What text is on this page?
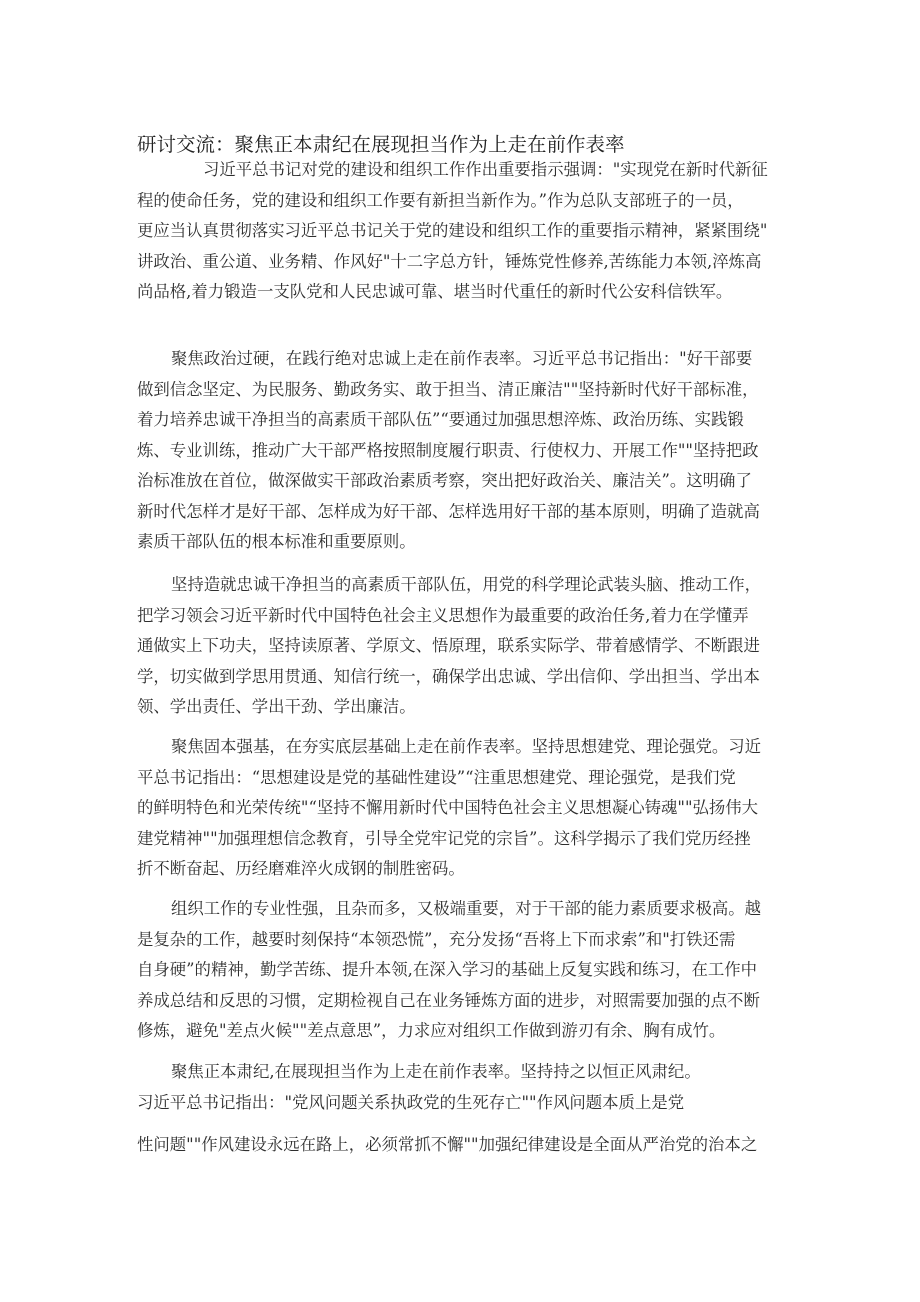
研讨交流：聚焦正本肃纪在展现担当作为上走在前作表率
习近平总书记对党的建设和组织工作作出重要指示强调："实现党在新时代新征
程的使命任务，党的建设和组织工作要有新担当新作为。”作为总队支部班子的一员，
更应当认真贯彻落实习近平总书记关于党的建设和组织工作的重要指示精神，紧紧围绕"
讲政治、重公道、业务精、作风好"十二字总方针，锤炼党性修养,苦练能力本领,淬炼高
尚品格,着力锻造一支队党和人民忠诚可靠、堪当时代重任的新时代公安科信铁军。
聚焦政治过硬，在践行绝对忠诚上走在前作表率。习近平总书记指出："好干部要
做到信念坚定、为民服务、勤政务实、敢于担当、清正廉洁""坚持新时代好干部标准，
着力培养忠诚干净担当的高素质干部队伍”“要通过加强思想淬炼、政治历练、实践锻
炼、专业训练，推动广大干部严格按照制度履行职责、行使权力、开展工作""坚持把政
治标准放在首位，做深做实干部政治素质考察，突出把好政治关、廉洁关”。这明确了
新时代怎样才是好干部、怎样成为好干部、怎样选用好干部的基本原则，明确了造就高
素质干部队伍的根本标准和重要原则。
坚持造就忠诚干净担当的高素质干部队伍，用党的科学理论武装头脑、推动工作，
把学习领会习近平新时代中国特色社会主义思想作为最重要的政治任务,着力在学懂弄
通做实上下功夫，坚持读原著、学原文、悟原理，联系实际学、带着感情学、不断跟进
学，切实做到学思用贯通、知信行统一，确保学出忠诚、学出信仰、学出担当、学出本
领、学出责任、学出干劲、学出廉洁。
聚焦固本强基，在夯实底层基础上走在前作表率。坚持思想建党、理论强党。习近
平总书记指出：“思想建设是党的基础性建设”“注重思想建党、理论强党，是我们党
的鲜明特色和光荣传统"“坚持不懈用新时代中国特色社会主义思想凝心铸魂""弘扬伟大
建党精神""加强理想信念教育，引导全党牢记党的宗旨”。这科学揭示了我们党历经挫
折不断奋起、历经磨难淬火成钢的制胜密码。
组织工作的专业性强，且杂而多，又极端重要，对于干部的能力素质要求极高。越
是复杂的工作，越要时刻保持“本领恐慌”，充分发扬“吾将上下而求索”和"打铁还需
自身硬”的精神，勤学苦练、提升本领,在深入学习的基础上反复实践和练习，在工作中
养成总结和反思的习惯，定期检视自己在业务锤炼方面的进步，对照需要加强的点不断
修炼，避免"差点火候""差点意思”，力求应对组织工作做到游刃有余、胸有成竹。
聚焦正本肃纪,在展现担当作为上走在前作表率。坚持持之以恒正风肃纪。
习近平总书记指出："党风问题关系执政党的生死存亡""作风问题本质上是党
性问题""作风建设永远在路上，必须常抓不懈""加强纪律建设是全面从严治党的治本之
